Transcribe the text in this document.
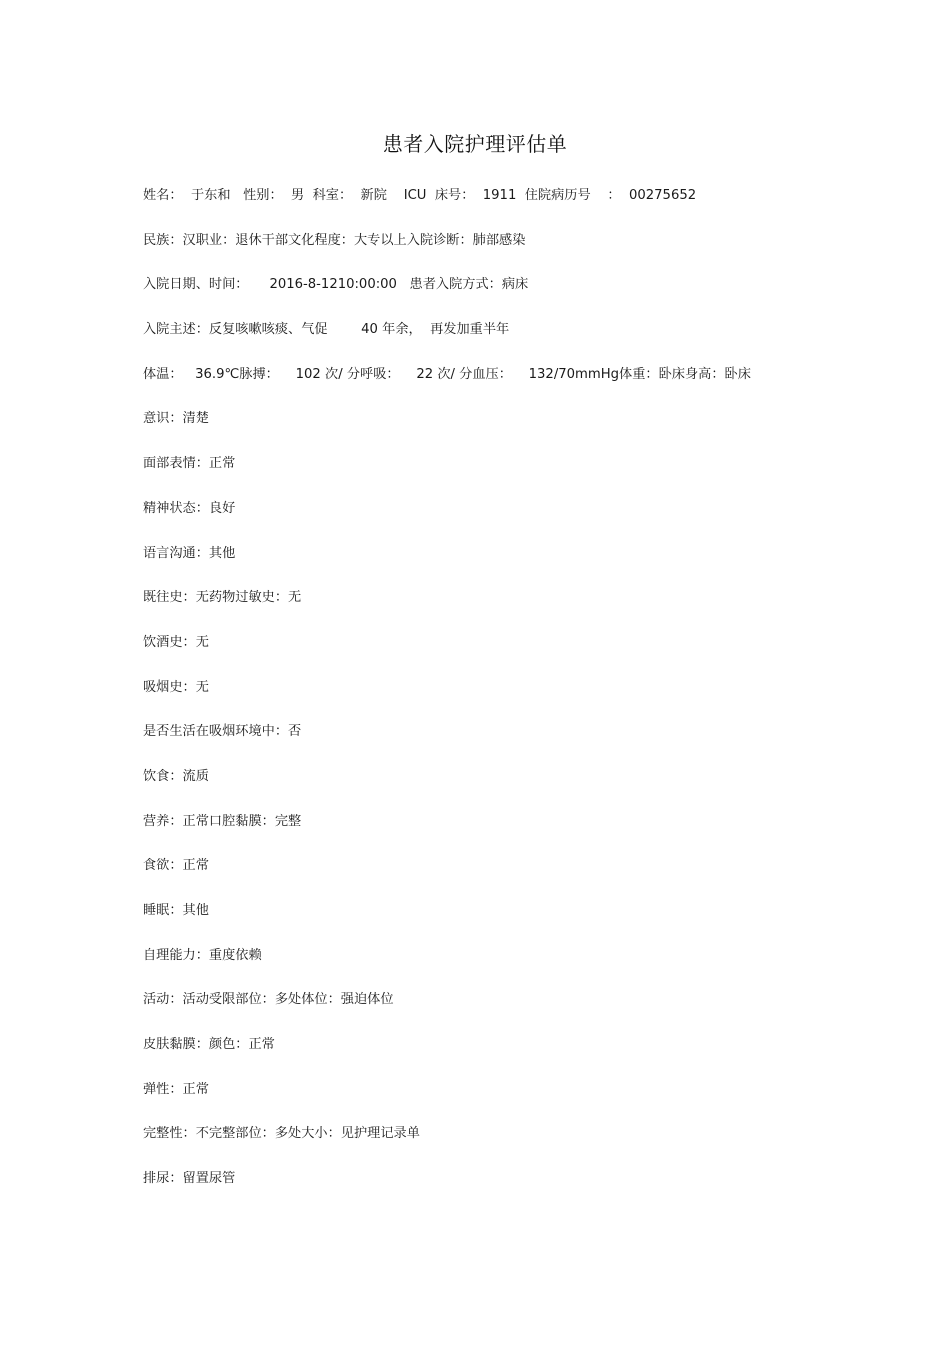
患者入院护理评估单
姓名：  于东和   性别：  男  科室：  新院    ICU  床号：  1911  住院病历号    ：  00275652
民族：汉职业：退休干部文化程度：大专以上入院诊断：肺部感染
入院日期、时间：     2016-8-1210:00:00   患者入院方式：病床
入院主述：反复咳嗽咳痰、气促        40 年余，  再发加重半年
体温：   36.9℃脉搏：    102 次/ 分呼吸：    22 次/ 分血压：    132/70mmHg体重：卧床身高：卧床
意识：清楚
面部表情：正常
精神状态：良好
语言沟通：其他
既往史：无药物过敏史：无
饮酒史：无
吸烟史：无
是否生活在吸烟环境中：否
饮食：流质
营养：正常口腔黏膜：完整
食欲：正常
睡眠：其他
自理能力：重度依赖
活动：活动受限部位：多处体位：强迫体位
皮肤黏膜：颜色：正常
弹性：正常
完整性：不完整部位：多处大小：见护理记录单
排尿：留置尿管
